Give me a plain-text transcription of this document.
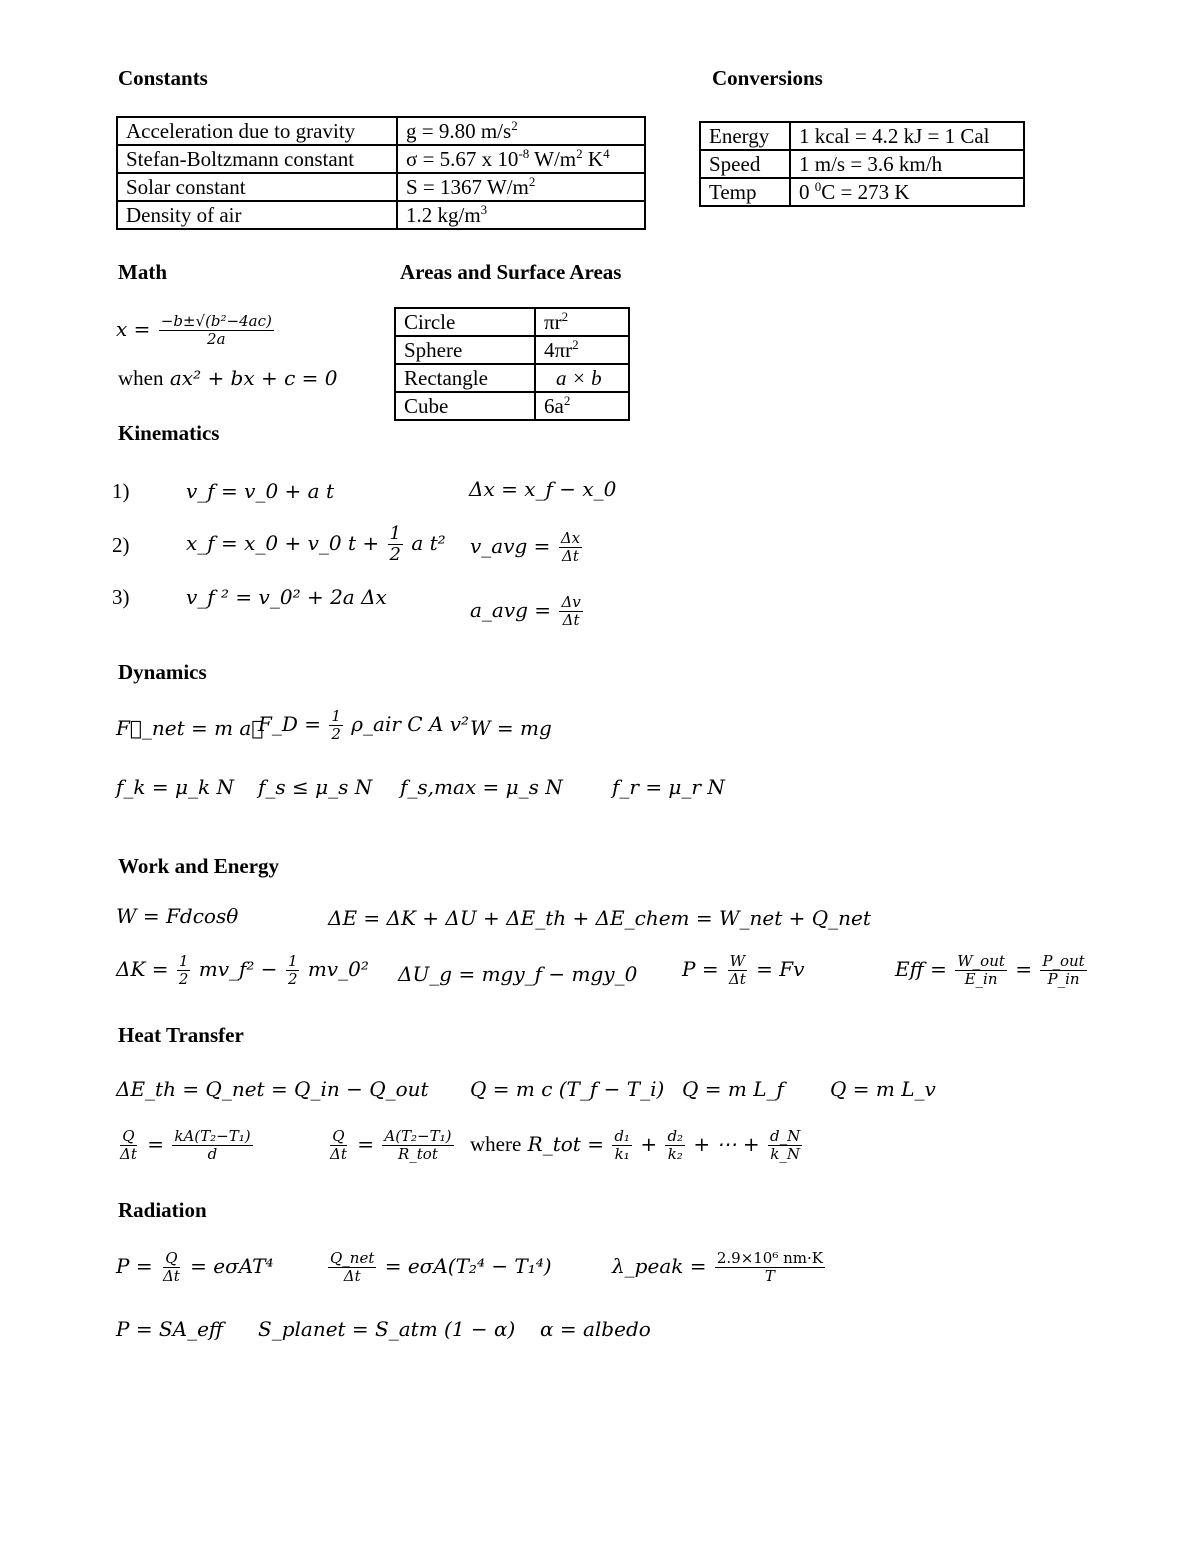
Constants	Conversions
Acceleration due to gravity	g = 9.80 $m/s^2$
Stefan-Boltzmann constant	σ = 5.67 x $10^{-8}$ $W/m^2$ $K^4$
Solar constant	S = 1367 $W/m^2$
Density of air	1.2 $kg/m^3$
Energy	1 kcal = 4.2 kJ = 1 Cal
Speed	1 m/s = 3.6 km/h
Temp	0 $^0$C = 273 K
Math
$x = \frac{\text{−b±√(b²−4ac)}}{2a}$
when ax² + bx + c = 0
Areas and Surface Areas
Circle	$\pi r^2$
Sphere	$4\pi r^2$
Rectangle	a × b
Cube	$6a^2$
Kinematics
1)	v_f = v_0 + a t
2)	x_f = x_0 + v_0 $t + \frac{1}{2}$ a t²
3)	v_f ² = v_0² + 2a Δx
Δx = x_f − x_0
v_avg = $\frac{\Delta x}{\Delta t}$
a_avg = $\frac{\Delta v}{\Delta t}$
Dynamics
F⃗_net = m a⃗
F_D = $\frac{1}{2}$ ρ_air C A v² W = mg
f_k = μ_k N f_s ≤ μ_s N f_s,max = μ_s N f_r = μ_r N
Work and Energy
W = Fdcosθ	ΔE = ΔK + ΔU + ΔE_th + ΔE_chem = W_net + Q_net
$\Delta K = \frac{1}{2}$ mv_f² − $\frac{1}{2}$ mv_0² ΔU_g = mgy_f − mgy_0 $P = \frac{W}{\Delta t} = Fv$	Eff = W_out
E_in = P_out
P_in
Heat Transfer
ΔE_th = Q_net = Q_in − Q_out Q = m c (T_f − T_i) Q = m L_f Q = m L_v
$\frac{Q}{\Delta t} = \frac{\text{kA(T₂−T₁)}}{d}$	$\frac{Q}{\Delta t} = A(T_2-T_1)$
R_tot where R_tot = $\frac{\text{d₁}}{\text{k₁}} + \frac{\text{d₂}}{\text{k₂}}$ + ⋯ + $\frac{d\_N}{k\_N}$
Radiation
$P = \frac{Q}{\Delta t} = e\sigma AT^4$	Q_net
Δt = eσA(T₂⁴ − T₁⁴)	λ_peak = $\frac{\text{2.9×10⁶ nm·K}}{T}$
P = SA_eff S_planet = S_atm (1 − α) α = albedo
